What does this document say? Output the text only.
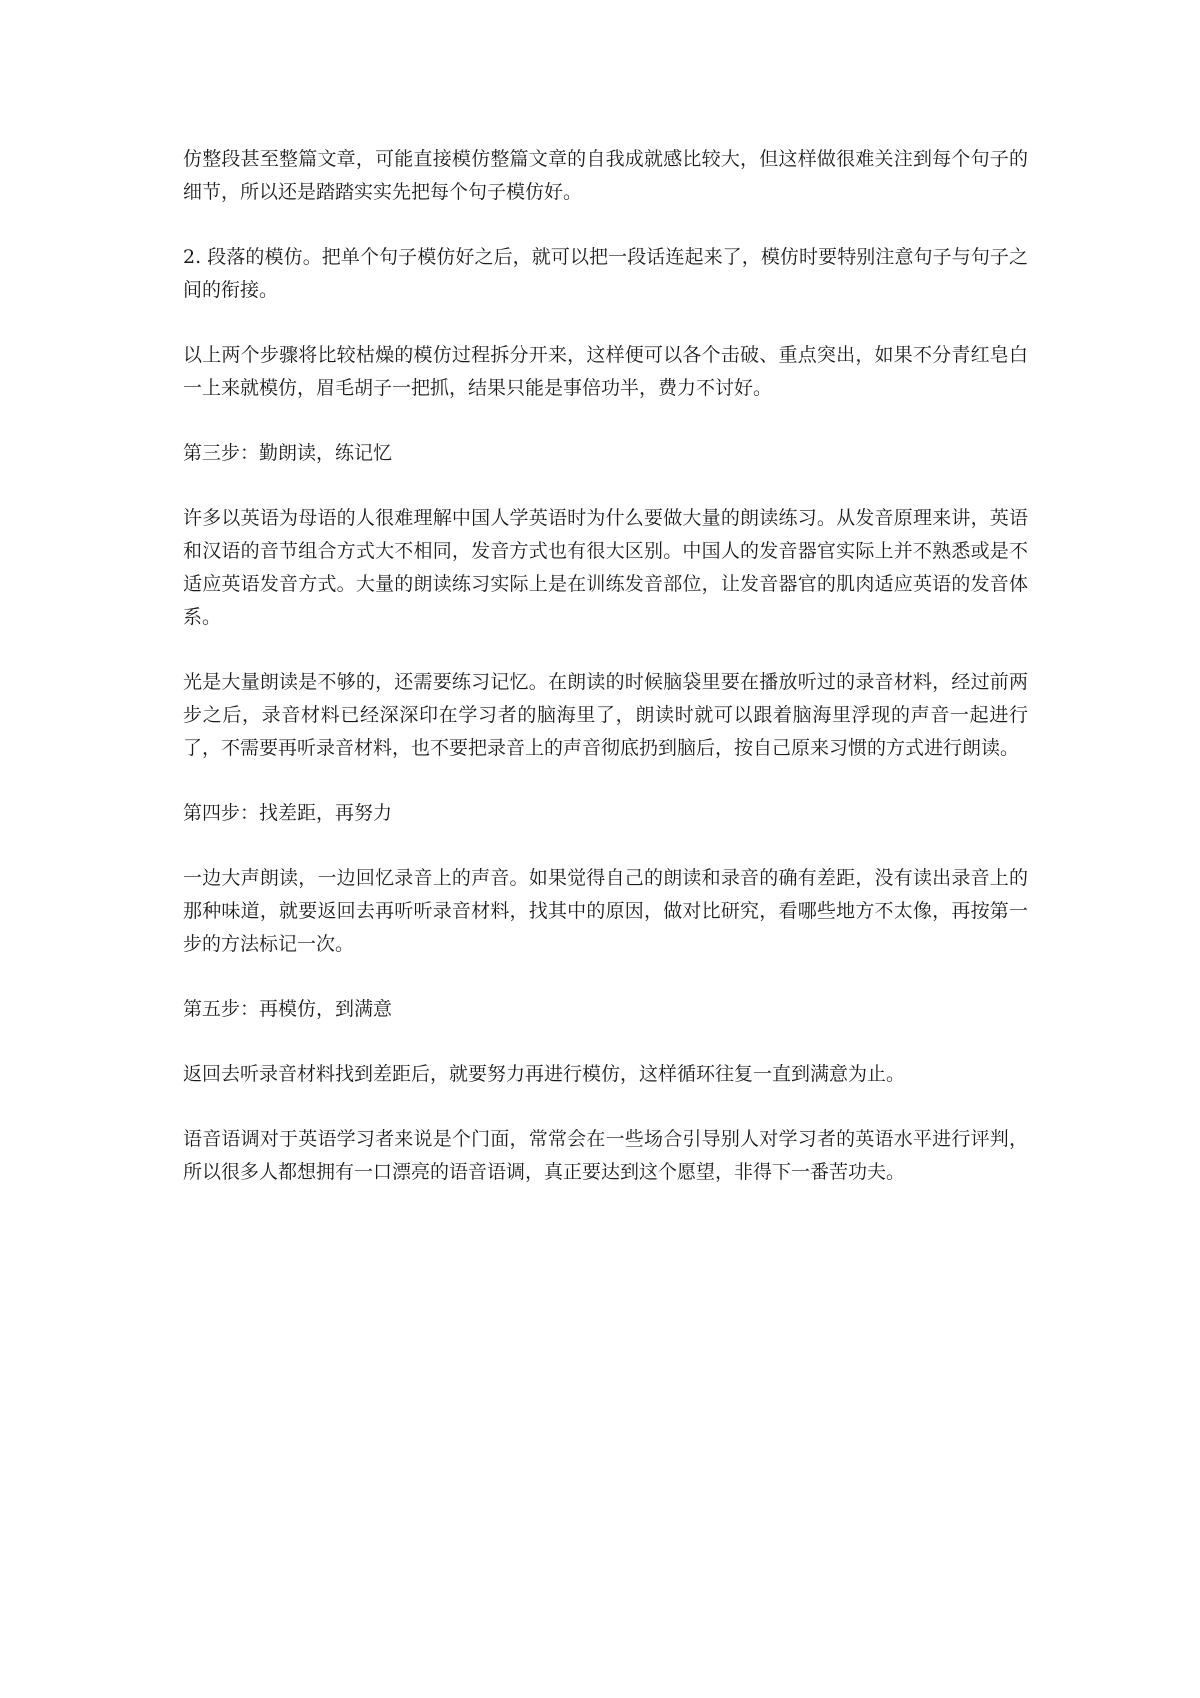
仿整段甚至整篇文章，可能直接模仿整篇文章的自我成就感比较大，但这样做很难关注到每个句子的细节，所以还是踏踏实实先把每个句子模仿好。

2. 段落的模仿。把单个句子模仿好之后，就可以把一段话连起来了，模仿时要特别注意句子与句子之间的衔接。

以上两个步骤将比较枯燥的模仿过程拆分开来，这样便可以各个击破、重点突出，如果不分青红皂白一上来就模仿，眉毛胡子一把抓，结果只能是事倍功半，费力不讨好。

第三步：勤朗读，练记忆

许多以英语为母语的人很难理解中国人学英语时为什么要做大量的朗读练习。从发音原理来讲，英语和汉语的音节组合方式大不相同，发音方式也有很大区别。中国人的发音器官实际上并不熟悉或是不适应英语发音方式。大量的朗读练习实际上是在训练发音部位，让发音器官的肌肉适应英语的发音体系。

光是大量朗读是不够的，还需要练习记忆。在朗读的时候脑袋里要在播放听过的录音材料，经过前两步之后，录音材料已经深深印在学习者的脑海里了，朗读时就可以跟着脑海里浮现的声音一起进行了，不需要再听录音材料，也不要把录音上的声音彻底扔到脑后，按自己原来习惯的方式进行朗读。

第四步：找差距，再努力

一边大声朗读，一边回忆录音上的声音。如果觉得自己的朗读和录音的确有差距，没有读出录音上的那种味道，就要返回去再听听录音材料，找其中的原因，做对比研究，看哪些地方不太像，再按第一步的方法标记一次。

第五步：再模仿，到满意

返回去听录音材料找到差距后，就要努力再进行模仿，这样循环往复一直到满意为止。

语音语调对于英语学习者来说是个门面，常常会在一些场合引导别人对学习者的英语水平进行评判，所以很多人都想拥有一口漂亮的语音语调，真正要达到这个愿望，非得下一番苦功夫。
